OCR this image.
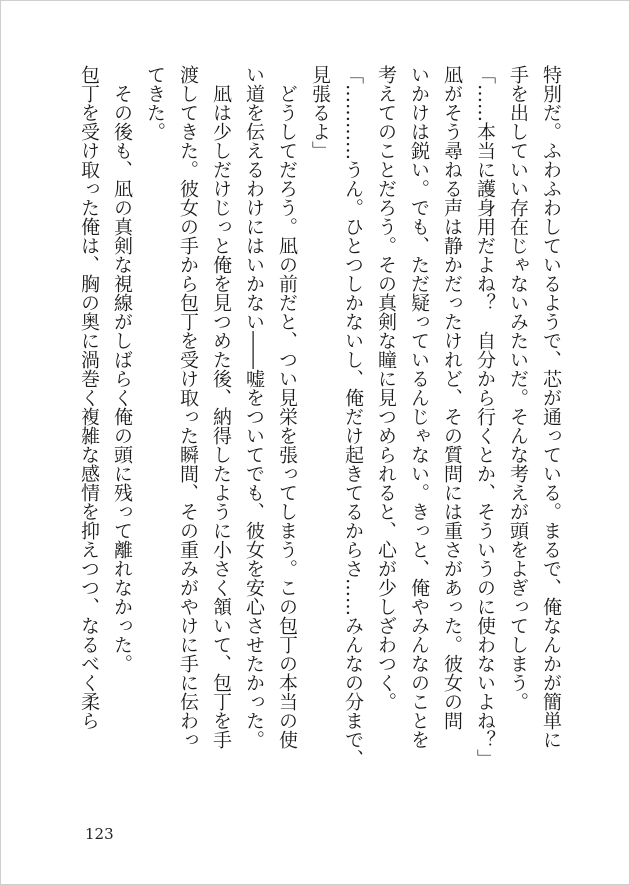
特別だ。ふわふわしているようで、芯が通っている。まるで、俺なんかが簡単に
手を出していい存在じゃないみたいだ。そんな考えが頭をよぎってしまう。
「……本当に護身用だよね？　自分から行くとか、そういうのに使わないよね？」
凪がそう尋ねる声は静かだったけれど、その質問には重さがあった。彼女の問
いかけは鋭い。でも、ただ疑っているんじゃない。きっと、俺やみんなのことを
考えてのことだろう。その真剣な瞳に見つめられると、心が少しざわつく。
「…………うん。ひとつしかないし、俺だけ起きてるからさ……みんなの分まで、
見張るよ」
　どうしてだろう。凪の前だと、つい見栄を張ってしまう。この包丁の本当の使
い道を伝えるわけにはいかない――嘘をついてでも、彼女を安心させたかった。
　凪は少しだけじっと俺を見つめた後、納得したように小さく頷いて、包丁を手
渡してきた。彼女の手から包丁を受け取った瞬間、その重みがやけに手に伝わっ
てきた。
　その後も、凪の真剣な視線がしばらく俺の頭に残って離れなかった。
包丁を受け取った俺は、胸の奥に渦巻く複雑な感情を抑えつつ、なるべく柔ら
123
